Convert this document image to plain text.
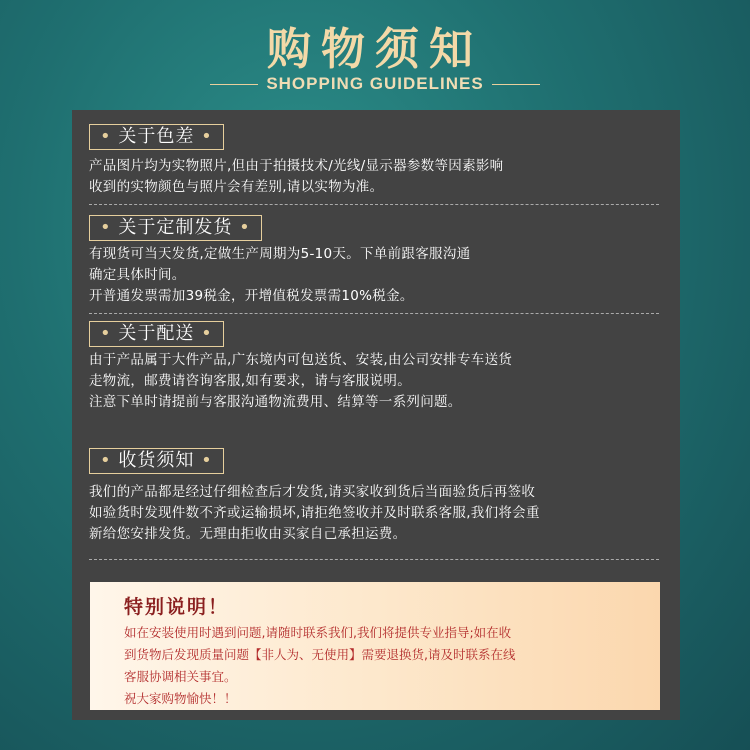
购物须知
SHOPPING GUIDELINES
• 关于色差 •
产品图片均为实物照片,但由于拍摄技术/光线/显示器参数等因素影响
收到的实物颜色与照片会有差别,请以实物为准。
• 关于定制发货 •
有现货可当天发货,定做生产周期为5-10天。下单前跟客服沟通
确定具体时间。
开普通发票需加39税金，开增值税发票需10%税金。
• 关于配送 •
由于产品属于大件产品,广东境内可包送货、安装,由公司安排专车送货
走物流，邮费请咨询客服,如有要求，请与客服说明。
注意下单时请提前与客服沟通物流费用、结算等一系列问题。
• 收货须知 •
我们的产品都是经过仔细检查后才发货,请买家收到货后当面验货后再签收
如验货时发现件数不齐或运输损坏,请拒绝签收并及时联系客服,我们将会重
新给您安排发货。无理由拒收由买家自己承担运费。
特别说明！
如在安装使用时遇到问题,请随时联系我们,我们将提供专业指导;如在收
到货物后发现质量问题【非人为、无使用】需要退换货,请及时联系在线
客服协调相关事宜。
祝大家购物愉快！！
